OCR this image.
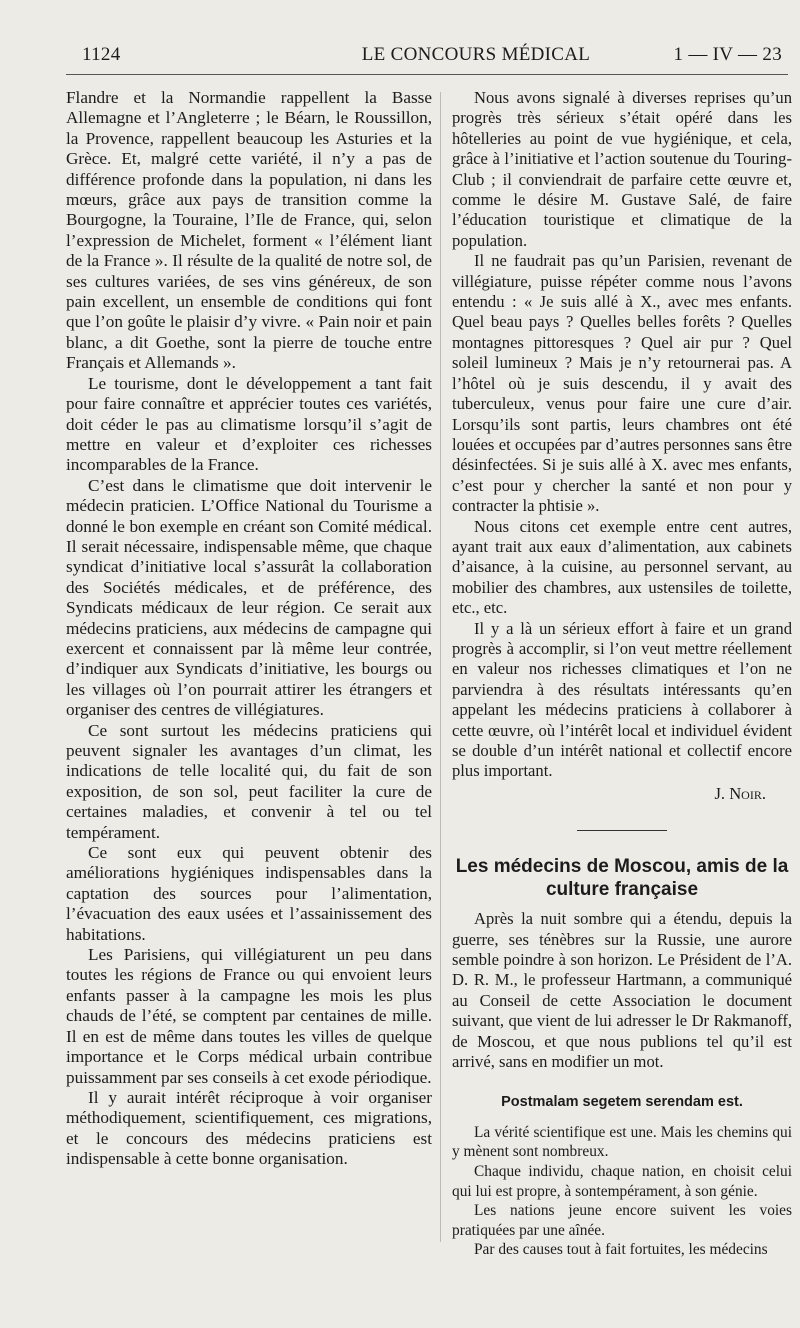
1124	LE CONCOURS MÉDICAL	1 — IV — 23

Flandre et la Normandie rappellent la Basse Allemagne et l’Angleterre ; le Béarn, le Roussillon, la Provence, rappellent beaucoup les Asturies et la Grèce. Et, malgré cette variété, il n’y a pas de différence profonde dans la population, ni dans les mœurs, grâce aux pays de transition comme la Bourgogne, la Touraine, l’Ile de France, qui, selon l’expression de Michelet, forment « l’élément liant de la France ». Il résulte de la qualité de notre sol, de ses cultures variées, de ses vins généreux, de son pain excellent, un ensemble de conditions qui font que l’on goûte le plaisir d’y vivre. « Pain noir et pain blanc, a dit Goethe, sont la pierre de touche entre Français et Allemands ».

Le tourisme, dont le développement a tant fait pour faire connaître et apprécier toutes ces variétés, doit céder le pas au climatisme lorsqu’il s’agit de mettre en valeur et d’exploiter ces richesses incomparables de la France.

C’est dans le climatisme que doit intervenir le médecin praticien. L’Office National du Tourisme a donné le bon exemple en créant son Comité médical. Il serait nécessaire, indispensable même, que chaque syndicat d’initiative local s’assurât la collaboration des Sociétés médicales, et de préférence, des Syndicats médicaux de leur région. Ce serait aux médecins praticiens, aux médecins de campagne qui exercent et connaissent par là même leur contrée, d’indiquer aux Syndicats d’initiative, les bourgs ou les villages où l’on pourrait attirer les étrangers et organiser des centres de villégiatures.

Ce sont surtout les médecins praticiens qui peuvent signaler les avantages d’un climat, les indications de telle localité qui, du fait de son exposition, de son sol, peut faciliter la cure de certaines maladies, et convenir à tel ou tel tempérament.

Ce sont eux qui peuvent obtenir des améliorations hygiéniques indispensables dans la captation des sources pour l’alimentation, l’évacuation des eaux usées et l’assainissement des habitations.

Les Parisiens, qui villégiaturent un peu dans toutes les régions de France ou qui envoient leurs enfants passer à la campagne les mois les plus chauds de l’été, se comptent par centaines de mille. Il en est de même dans toutes les villes de quelque importance et le Corps médical urbain contribue puissamment par ses conseils à cet exode périodique.

Il y aurait intérêt réciproque à voir organiser méthodiquement, scientifiquement, ces migrations, et le concours des médecins praticiens est indispensable à cette bonne organisation.

Nous avons signalé à diverses reprises qu’un progrès très sérieux s’était opéré dans les hôtelleries au point de vue hygiénique, et cela, grâce à l’initiative et l’action soutenue du Touring-Club ; il conviendrait de parfaire cette œuvre et, comme le désire M. Gustave Salé, de faire l’éducation touristique et climatique de la population.

Il ne faudrait pas qu’un Parisien, revenant de villégiature, puisse répéter comme nous l’avons entendu : « Je suis allé à X., avec mes enfants. Quel beau pays ? Quelles belles forêts ? Quelles montagnes pittoresques ? Quel air pur ? Quel soleil lumineux ? Mais je n’y retournerai pas. A l’hôtel où je suis descendu, il y avait des tuberculeux, venus pour faire une cure d’air. Lorsqu’ils sont partis, leurs chambres ont été louées et occupées par d’autres personnes sans être désinfectées. Si je suis allé à X. avec mes enfants, c’est pour y chercher la santé et non pour y contracter la phtisie ».

Nous citons cet exemple entre cent autres, ayant trait aux eaux d’alimentation, aux cabinets d’aisance, à la cuisine, au personnel servant, au mobilier des chambres, aux ustensiles de toilette, etc., etc.

Il y a là un sérieux effort à faire et un grand progrès à accomplir, si l’on veut mettre réellement en valeur nos richesses climatiques et l’on ne parviendra à des résultats intéressants qu’en appelant les médecins praticiens à collaborer à cette œuvre, où l’intérêt local et individuel évident se double d’un intérêt national et collectif encore plus important.

J. Noir.
Les médecins de Moscou, amis de la culture française

Après la nuit sombre qui a étendu, depuis la guerre, ses ténèbres sur la Russie, une aurore semble poindre à son horizon. Le Président de l’A. D. R. M., le professeur Hartmann, a communiqué au Conseil de cette Association le document suivant, que vient de lui adresser le Dr Rakmanoff, de Moscou, et que nous publions tel qu’il est arrivé, sans en modifier un mot.

Postmalam segetem serendam est.

La vérité scientifique est une. Mais les chemins qui y mènent sont nombreux.

Chaque individu, chaque nation, en choisit celui qui lui est propre, à sontempérament, à son génie.

Les nations jeune encore suivent les voies pratiquées par une aînée.

Par des causes tout à fait fortuites, les médecins
